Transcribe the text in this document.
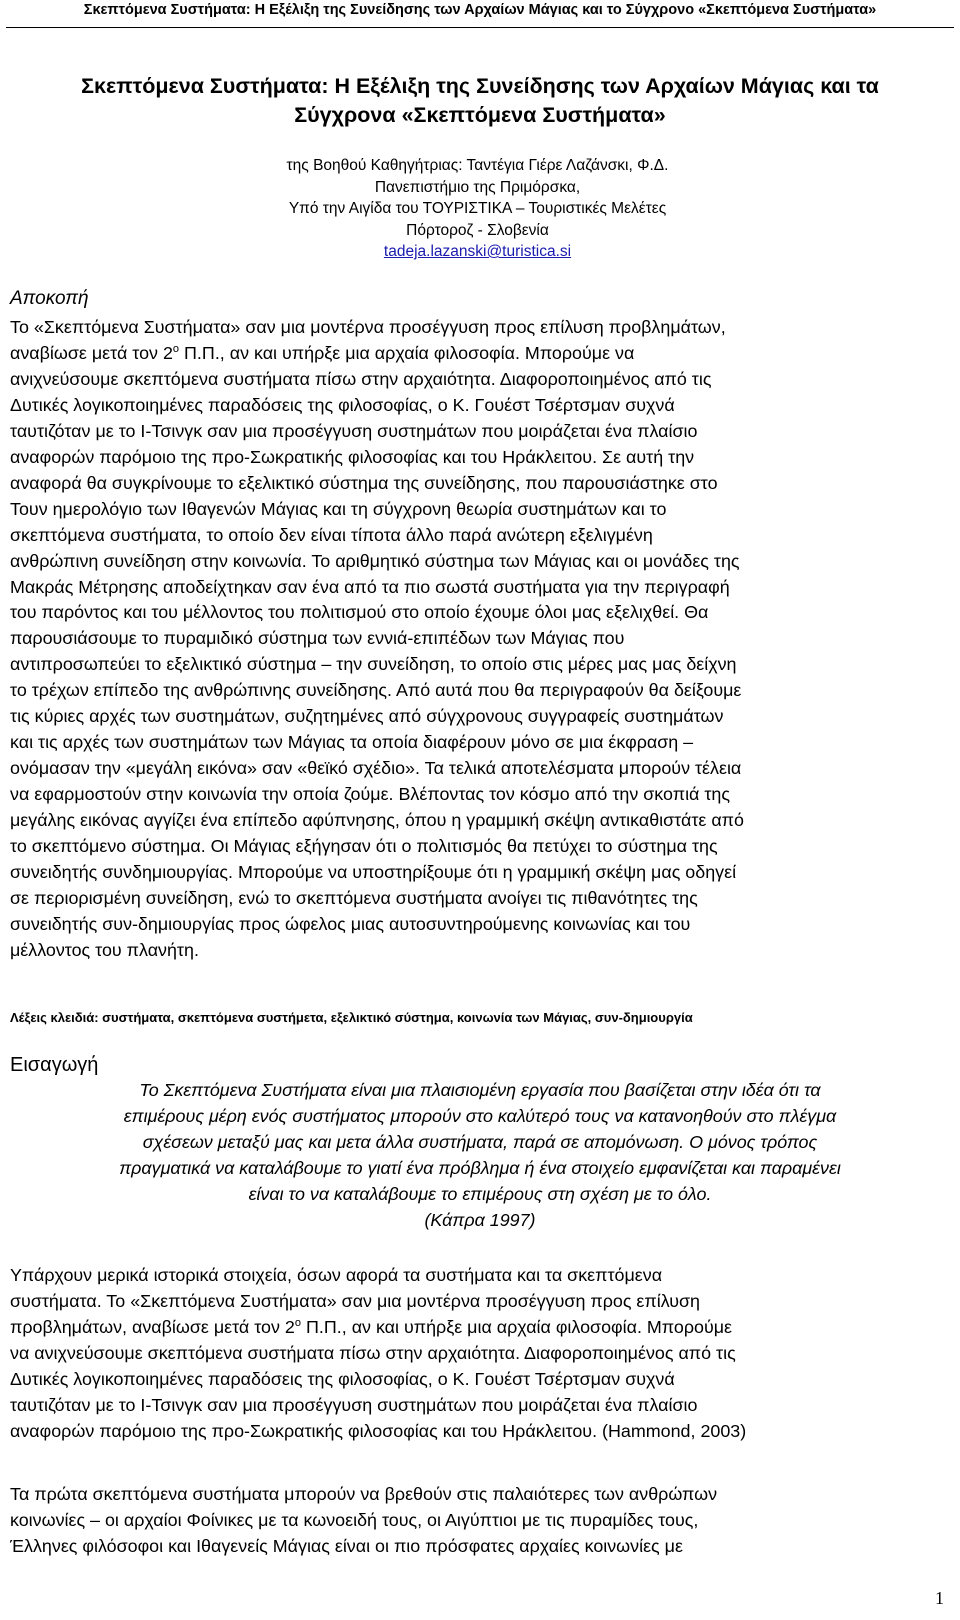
Σκεπτόμενα Συστήματα: Η Εξέλιξη της Συνείδησης των Αρχαίων Μάγιας και το Σύγχρονο «Σκεπτόμενα Συστήματα»
Σκεπτόμενα Συστήματα: Η Εξέλιξη της Συνείδησης των Αρχαίων Μάγιας και τα
Σύγχρονα «Σκεπτόμενα Συστήματα»
της Βοηθού Καθηγήτριας: Ταντέγια Γιέρε Λαζάνσκι, Φ.Δ.
Πανεπιστήμιο της Πριμόρσκα,
Υπό την Αιγίδα του ΤΟΥΡΙΣΤΙΚΑ – Τουριστικές Μελέτες
Πόρτοροζ - Σλοβενία
tadeja.lazanski@turistica.si
Αποκοπή
Το «Σκεπτόμενα Συστήματα» σαν μια μοντέρνα προσέγγυση προς επίλυση προβλημάτων,
αναβίωσε μετά τον $2^o$ Π.Π., αν και υπήρξε μια αρχαία φιλοσοφία. Μπορούμε να
ανιχνεύσουμε σκεπτόμενα συστήματα πίσω στην αρχαιότητα. Διαφοροποιημένος από τις
Δυτικές λογικοποιημένες παραδόσεις της φιλοσοφίας, ο Κ. Γουέστ Τσέρτσμαν συχνά
ταυτιζόταν με το Ι-Τσινγκ σαν μια προσέγγυση συστημάτων που μοιράζεται ένα πλαίσιο
αναφορών παρόμοιο της προ-Σωκρατικής φιλοσοφίας και του Ηράκλειτου. Σε αυτή την
αναφορά θα συγκρίνουμε το εξελικτικό σύστημα της συνείδησης, που παρουσιάστηκε στο
Τουν ημερολόγιο των Ιθαγενών Μάγιας και τη σύγχρονη θεωρία συστημάτων και το
σκεπτόμενα συστήματα, το οποίο δεν είναι τίποτα άλλο παρά ανώτερη εξελιγμένη
ανθρώπινη συνείδηση στην κοινωνία. Το αριθμητικό σύστημα των Μάγιας και οι μονάδες της
Μακράς Μέτρησης αποδείχτηκαν σαν ένα από τα πιο σωστά συστήματα για την περιγραφή
του παρόντος και του μέλλοντος του πολιτισμού στο οποίο έχουμε όλοι μας εξελιχθεί. Θα
παρουσιάσουμε το πυραμιδικό σύστημα των εννιά-επιπέδων των Μάγιας που
αντιπροσωπεύει το εξελικτικό σύστημα – την συνείδηση, το οποίο στις μέρες μας μας δείχνη
το τρέχων επίπεδο της ανθρώπινης συνείδησης. Από αυτά που θα περιγραφούν θα δείξουμε
τις κύριες αρχές των συστημάτων, συζητημένες από σύγχρονους συγγραφείς συστημάτων
και τις αρχές των συστημάτων των Μάγιας τα οποία διαφέρουν μόνο σε μια έκφραση –
ονόμασαν την «μεγάλη εικόνα» σαν «θεϊκό σχέδιο». Τα τελικά αποτελέσματα μπορούν τέλεια
να εφαρμοστούν στην κοινωνία την οποία ζούμε. Βλέποντας τον κόσμο από την σκοπιά της
μεγάλης εικόνας αγγίζει ένα επίπεδο αφύπνησης, όπου η γραμμική σκέψη αντικαθιστάτε από
το σκεπτόμενο σύστημα. Οι Μάγιας εξήγησαν ότι ο πολιτισμός θα πετύχει το σύστημα της
συνειδητής συνδημιουργίας. Μπορούμε να υποστηρίξουμε ότι η γραμμική σκέψη μας οδηγεί
σε περιορισμένη συνείδηση, ενώ το σκεπτόμενα συστήματα ανοίγει τις πιθανότητες της
συνειδητής συν-δημιουργίας προς ώφελος μιας αυτοσυντηρούμενης κοινωνίας και του
μέλλοντος του πλανήτη.
Λέξεις κλειδιά: συστήματα, σκεπτόμενα συστήμετα, εξελικτικό σύστημα, κοινωνία των Μάγιας, συν-δημιουργία
Εισαγωγή
Το Σκεπτόμενα Συστήματα είναι μια πλαισιομένη εργασία που βασίζεται στην ιδέα ότι τα
επιμέρους μέρη ενός συστήματος μπορούν στο καλύτερό τους να κατανοηθούν στο πλέγμα
σχέσεων μεταξύ μας και μετα άλλα συστήματα, παρά σε απομόνωση. Ο μόνος τρόπος
πραγματικά να καταλάβουμε το γιατί ένα πρόβλημα ή ένα στοιχείο εμφανίζεται και παραμένει
είναι το να καταλάβουμε το επιμέρους στη σχέση με το όλο.
(Κάπρα 1997)
Υπάρχουν μερικά ιστορικά στοιχεία, όσων αφορά τα συστήματα και τα σκεπτόμενα
συστήματα. Το «Σκεπτόμενα Συστήματα» σαν μια μοντέρνα προσέγγυση προς επίλυση
προβλημάτων, αναβίωσε μετά τον $2^o$ Π.Π., αν και υπήρξε μια αρχαία φιλοσοφία. Μπορούμε
να ανιχνεύσουμε σκεπτόμενα συστήματα πίσω στην αρχαιότητα. Διαφοροποιημένος από τις
Δυτικές λογικοποιημένες παραδόσεις της φιλοσοφίας, ο Κ. Γουέστ Τσέρτσμαν συχνά
ταυτιζόταν με το Ι-Τσινγκ σαν μια προσέγγυση συστημάτων που μοιράζεται ένα πλαίσιο
αναφορών παρόμοιο της προ-Σωκρατικής φιλοσοφίας και του Ηράκλειτου. (Hammond, 2003)
Τα πρώτα σκεπτόμενα συστήματα μπορούν να βρεθούν στις παλαιότερες των ανθρώπων
κοινωνίες – οι αρχαίοι Φοίνικες με τα κωνοειδή τους, οι Αιγύπτιοι με τις πυραμίδες τους,
Έλληνες φιλόσοφοι και Ιθαγενείς Μάγιας είναι οι πιο πρόσφατες αρχαίες κοινωνίες με
1
